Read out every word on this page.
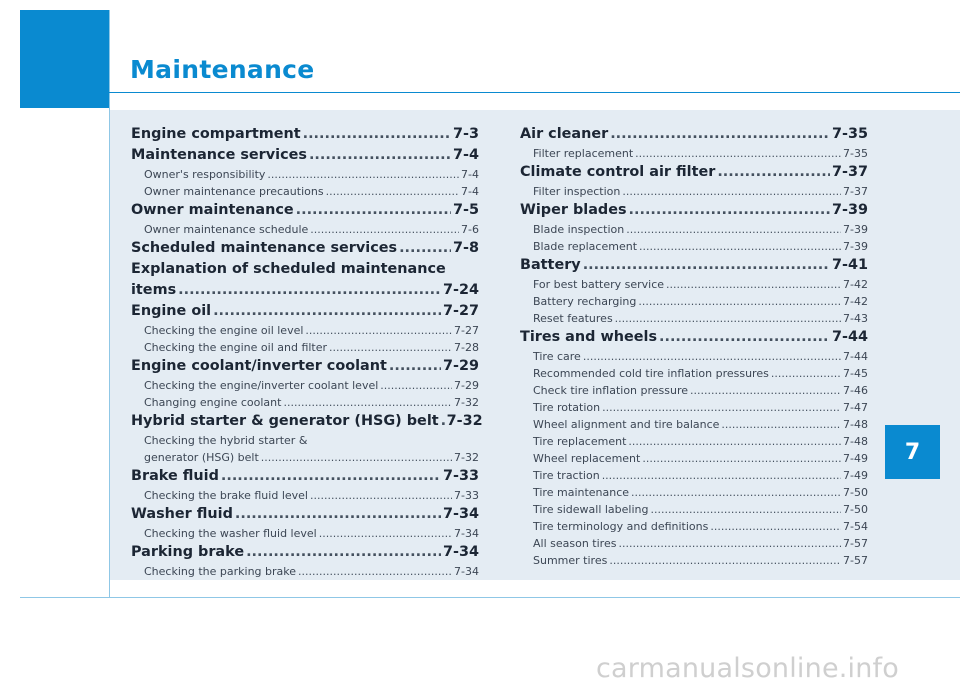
Maintenance
7
Engine compartment .....	7-3
Maintenance services .....	7-4
Owner's responsibility .....	7-4
Owner maintenance precautions .....	7-4
Owner maintenance .....	7-5
Owner maintenance schedule .....	7-6
Scheduled maintenance services .....	7-8
Explanation of scheduled maintenance
items .....	7-24
Engine oil .....	7-27
Checking the engine oil level .....	7-27
Checking the engine oil and filter .....	7-28
Engine coolant/inverter coolant .....	7-29
Checking the engine/inverter coolant level .....	7-29
Changing engine coolant .....	7-32
Hybrid starter & generator (HSG) belt ..... 7-32
Checking the hybrid starter &
generator (HSG) belt .....	7-32
Brake fluid .....	7-33
Checking the brake fluid level .....	7-33
Washer fluid .....	7-34
Checking the washer fluid level .....	7-34
Parking brake .....	7-34
Checking the parking brake .....	7-34
Air cleaner .....	7-35
Filter replacement .....	7-35
Climate control air filter .....	7-37
Filter inspection .....	7-37
Wiper blades .....	7-39
Blade inspection .....	7-39
Blade replacement .....	7-39
Battery .....	7-41
For best battery service .....	7-42
Battery recharging .....	7-42
Reset features .....	7-43
Tires and wheels .....	7-44
Tire care .....	7-44
Recommended cold tire inflation pressures .....	7-45
Check tire inflation pressure .....	7-46
Tire rotation .....	7-47
Wheel alignment and tire balance .....	7-48
Tire replacement .....	7-48
Wheel replacement .....	7-49
Tire traction .....	7-49
Tire maintenance .....	7-50
Tire sidewall labeling .....	7-50
Tire terminology and definitions .....	7-54
All season tires .....	7-57
Summer tires .....	7-57
carmanualsonline.info
